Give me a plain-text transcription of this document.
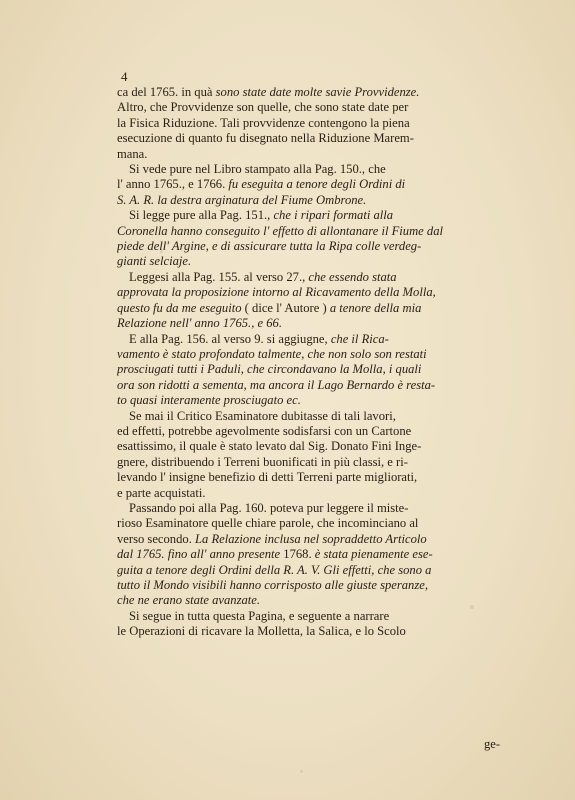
4
ca del 1765. in quà sono state date molte savie Provvidenze.
Altro, che Provvidenze son quelle, che sono state date per
la Fisica Riduzione. Tali provvidenze contengono la piena
esecuzione di quanto fu disegnato nella Riduzione Marem-
mana.
Si vede pure nel Libro stampato alla Pag. 150., che
l' anno 1765., e 1766. fu eseguita a tenore degli Ordini di
S. A. R. la destra arginatura del Fiume Ombrone.
Si legge pure alla Pag. 151., che i ripari formati alla
Coronella hanno conseguito l' effetto di allontanare il Fiume dal
piede dell' Argine, e di assicurare tutta la Ripa colle verdeg-
gianti selciaje.
Leggesi alla Pag. 155. al verso 27., che essendo stata
approvata la proposizione intorno al Ricavamento della Molla,
questo fu da me eseguito ( dice l' Autore ) a tenore della mia
Relazione nell' anno 1765., e 66.
E alla Pag. 156. al verso 9. si aggiugne, che il Rica-
vamento è stato profondato talmente, che non solo son restati
prosciugati tutti i Paduli, che circondavano la Molla, i quali
ora son ridotti a sementa, ma ancora il Lago Bernardo è resta-
to quasi interamente prosciugato ec.
Se mai il Critico Esaminatore dubitasse di tali lavori,
ed effetti, potrebbe agevolmente sodisfarsi con un Cartone
esattissimo, il quale è stato levato dal Sig. Donato Fini Inge-
gnere, distribuendo i Terreni buonificati in più classi, e ri-
levando l' insigne benefizio di detti Terreni parte migliorati,
e parte acquistati.
Passando poi alla Pag. 160. poteva pur leggere il miste-
rioso Esaminatore quelle chiare parole, che incominciano al
verso secondo. La Relazione inclusa nel sopraddetto Articolo
dal 1765. fino all' anno presente 1768. è stata pienamente ese-
guita a tenore degli Ordini della R. A. V. Gli effetti, che sono a
tutto il Mondo visibili hanno corrisposto alle giuste speranze,
che ne erano state avanzate.
Si segue in tutta questa Pagina, e seguente a narrare
le Operazioni di ricavare la Molletta, la Salica, e lo Scolo
ge-
